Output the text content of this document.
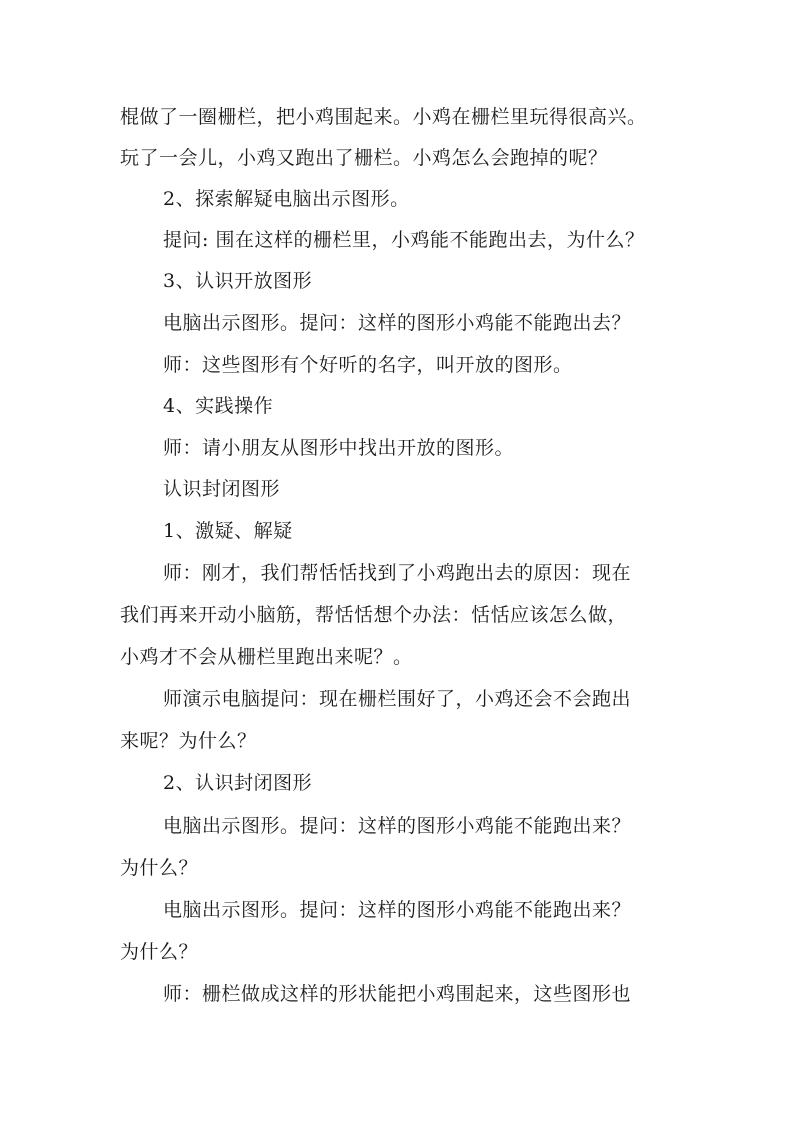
棍做了一圈栅栏，把小鸡围起来。小鸡在栅栏里玩得很高兴。
玩了一会儿，小鸡又跑出了栅栏。小鸡怎么会跑掉的呢？
2、探索解疑电脑出示图形。
提问: 围在这样的栅栏里，小鸡能不能跑出去，为什么？
3、认识开放图形
电脑出示图形。提问：这样的图形小鸡能不能跑出去？
师：这些图形有个好听的名字，叫开放的图形。
4、实践操作
师：请小朋友从图形中找出开放的图形。
认识封闭图形
1、激疑、解疑
师：刚才，我们帮恬恬找到了小鸡跑出去的原因：现在
我们再来开动小脑筋，帮恬恬想个办法：恬恬应该怎么做，
小鸡才不会从栅栏里跑出来呢？。
师演示电脑提问：现在栅栏围好了，小鸡还会不会跑出
来呢？为什么？
2、认识封闭图形
电脑出示图形。提问：这样的图形小鸡能不能跑出来？
为什么？
电脑出示图形。提问：这样的图形小鸡能不能跑出来？
为什么？
师：栅栏做成这样的形状能把小鸡围起来，这些图形也
